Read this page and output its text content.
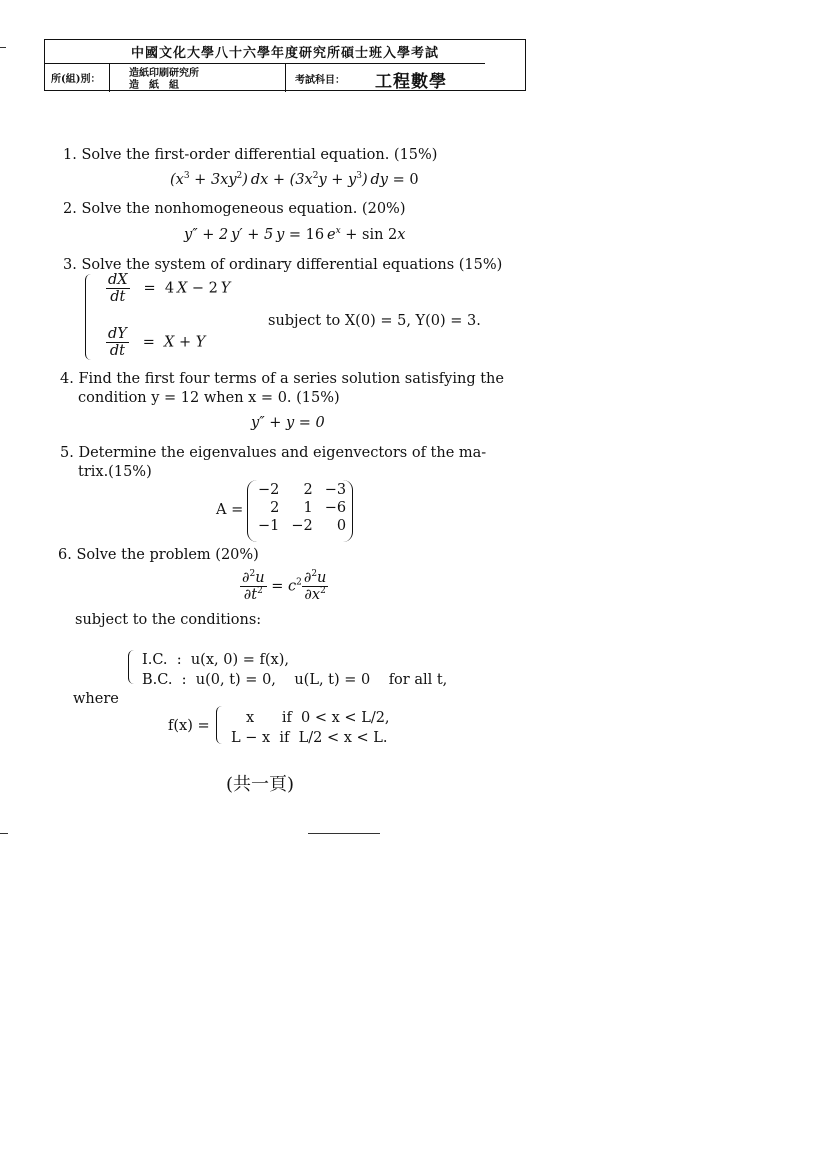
中國文化大學八十六學年度研究所碩士班入學考試
所(組)別：
造紙印刷研究所
造　紙　組	考試科目： 工程數學
1. Solve the first-order differential equation. (15%)
$(x^3 + 3xy^2)$ dx + $(3x^2y + y^3)$ dy = 0
2. Solve the nonhomogeneous equation. (20%)
y″ + 2 y′ + 5 y = 16 $e^x + \sin 2x$
3. Solve the system of ordinary differential equations (15%)
$\frac{dX}{dt} = 4$ X − 2 Y
$\frac{dY}{dt} = X + Y$
subject to X(0) = 5, Y(0) = 3.
4. Find the first four terms of a series solution satisfying the
condition y = 12 when x = 0. (15%)
y″ + y = 0
5. Determine the eigenvalues and eigenvectors of the ma-
trix.(15%)
A =
−2	2	−3
2	1	−6
−1	−2	0
6. Solve the problem (20%)
$\frac{\partial^2u}{\partial t^2} = c^2 \frac{\partial^2u}{\partial x^2}$
subject to the conditions:
I.C.  :  u(x, 0) = f(x),
B.C.  :  u(0, t) = 0,    u(L, t) = 0    for all t,
where
f(x) =	x      if  0 < x < L/2,
L − x  if  L/2 < x < L.
(共一頁)
